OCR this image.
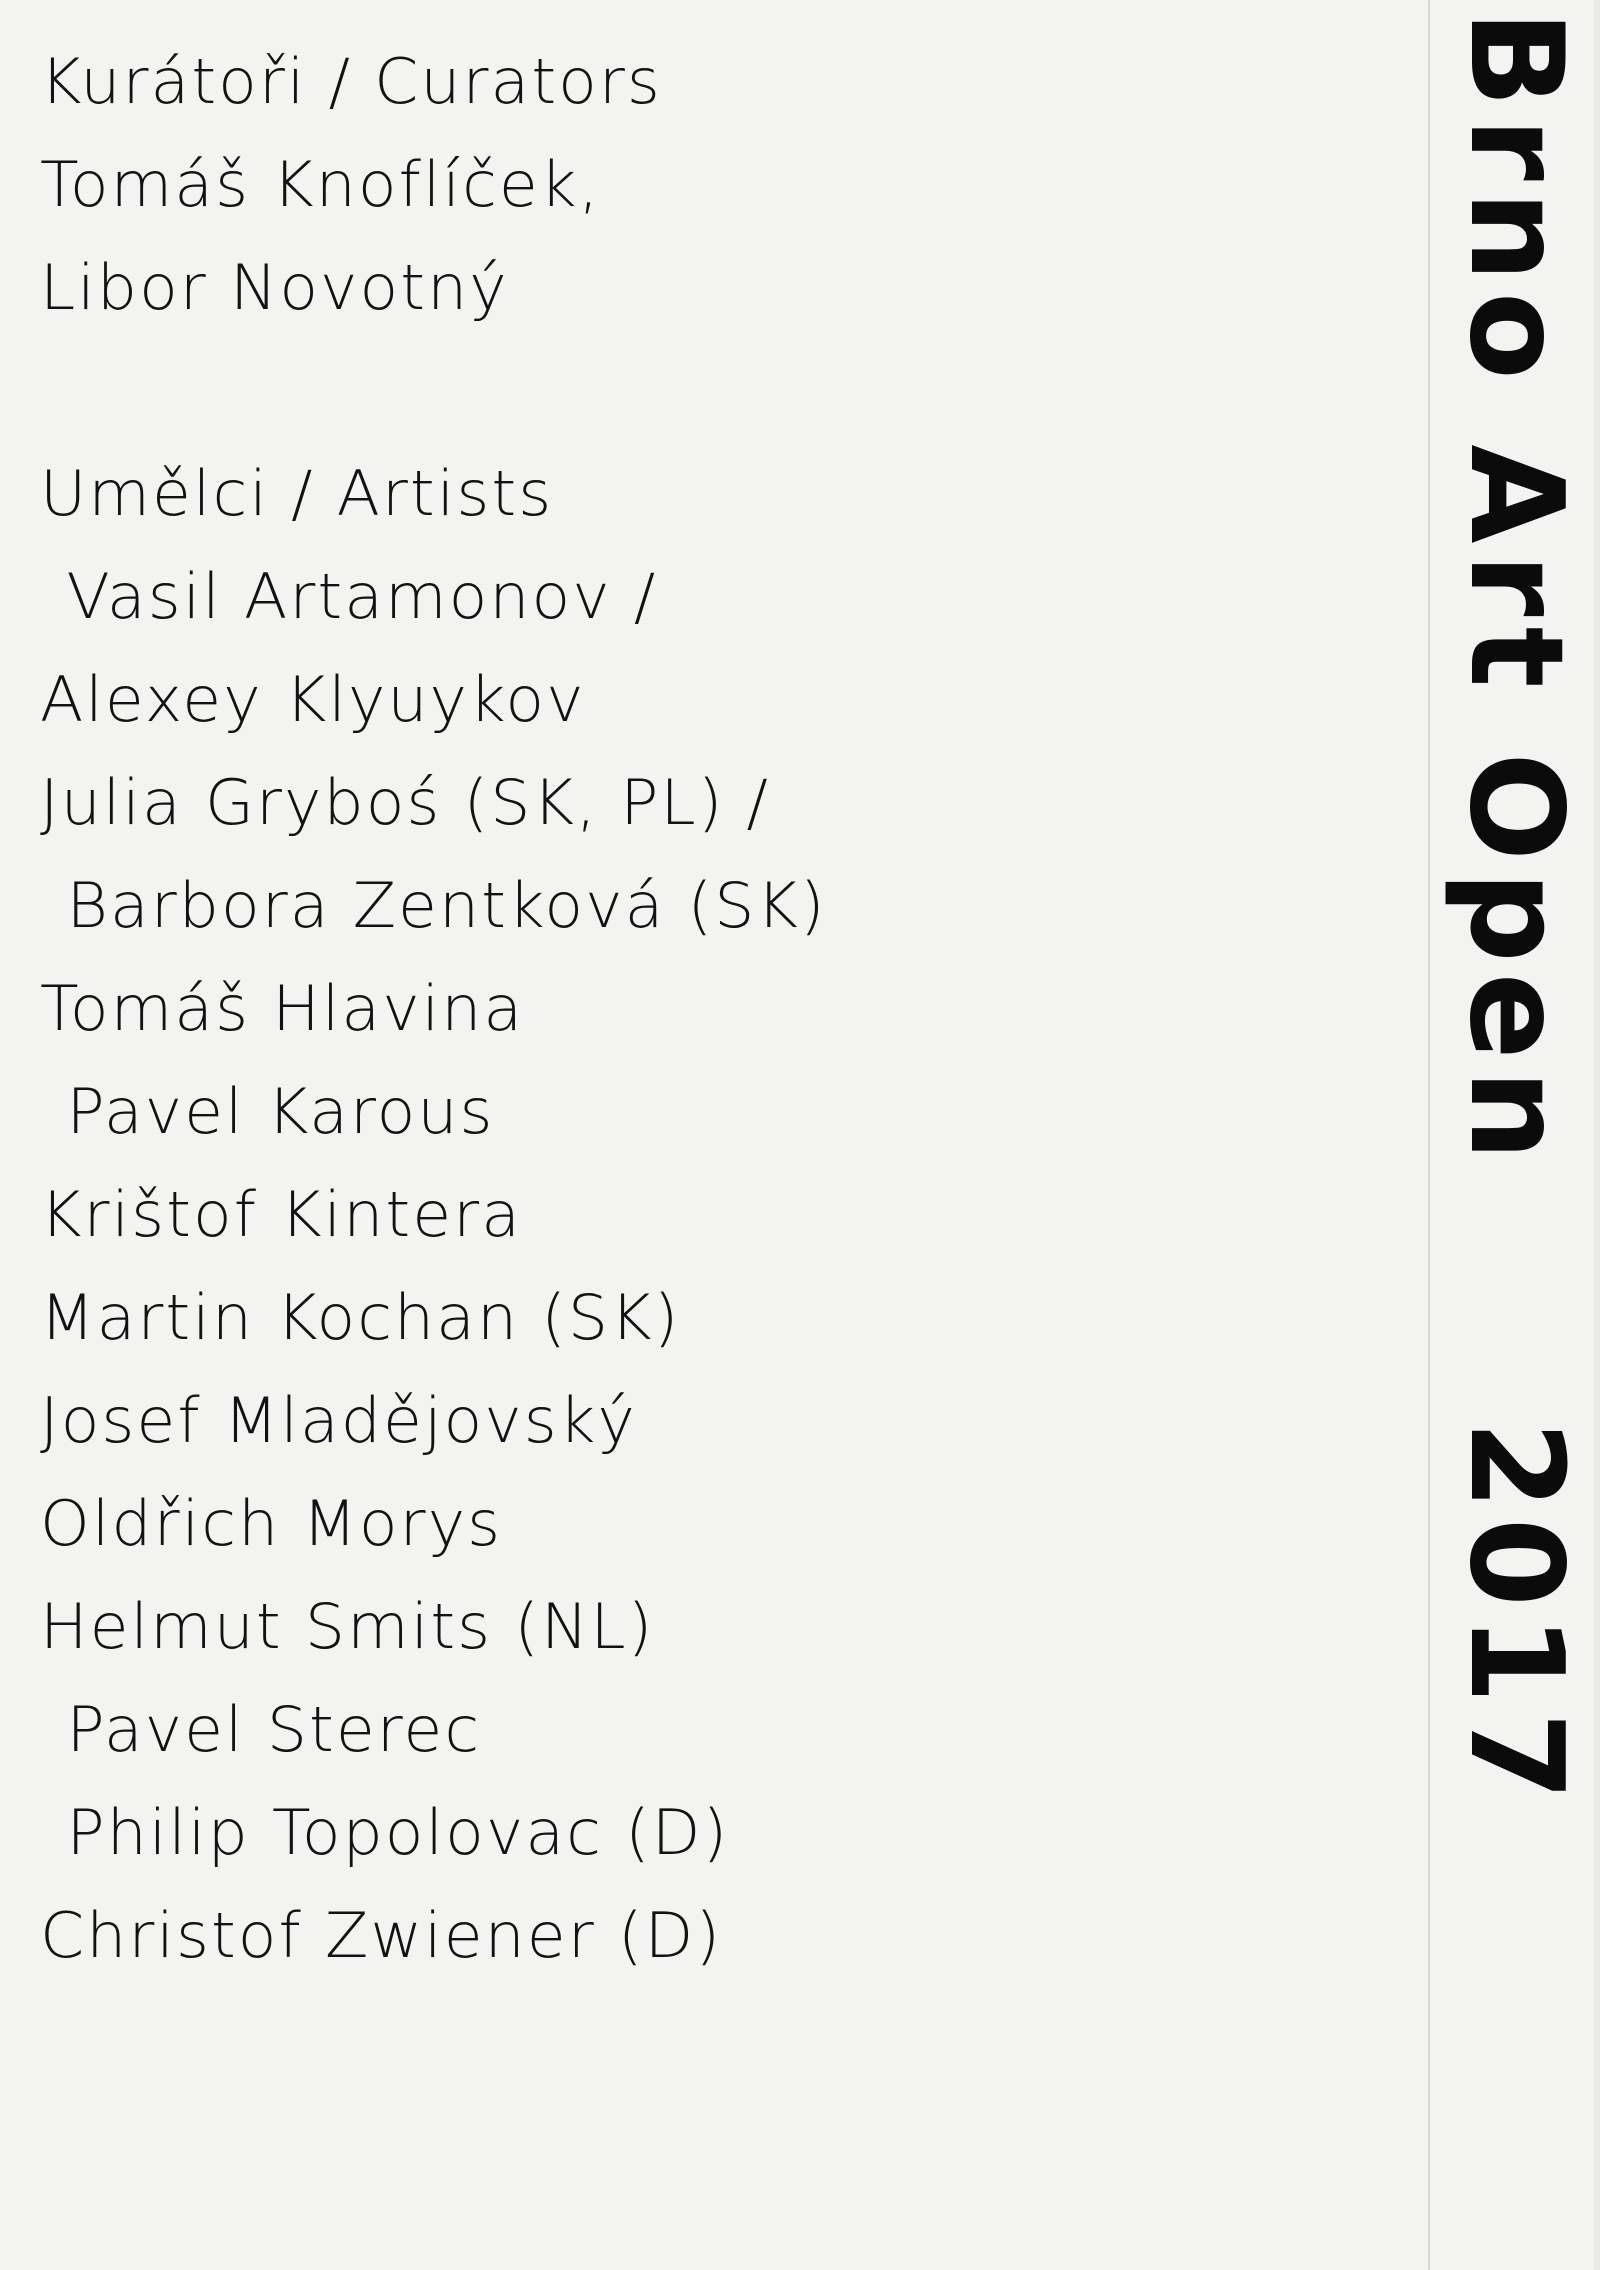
Kurátoři / Curators
Tomáš Knoflíček,
Libor Novotný
Umělci / Artists
Vasil Artamonov /
Alexey Klyuykov
Julia Gryboś (SK, PL) /
Barbora Zentková (SK)
Tomáš Hlavina
Pavel Karous
Krištof Kintera
Martin Kochan (SK)
Josef Mladějovský
Oldřich Morys
Helmut Smits (NL)
Pavel Sterec
Philip Topolovac (D)
Christof Zwiener (D)
Brno Art Open
2017
